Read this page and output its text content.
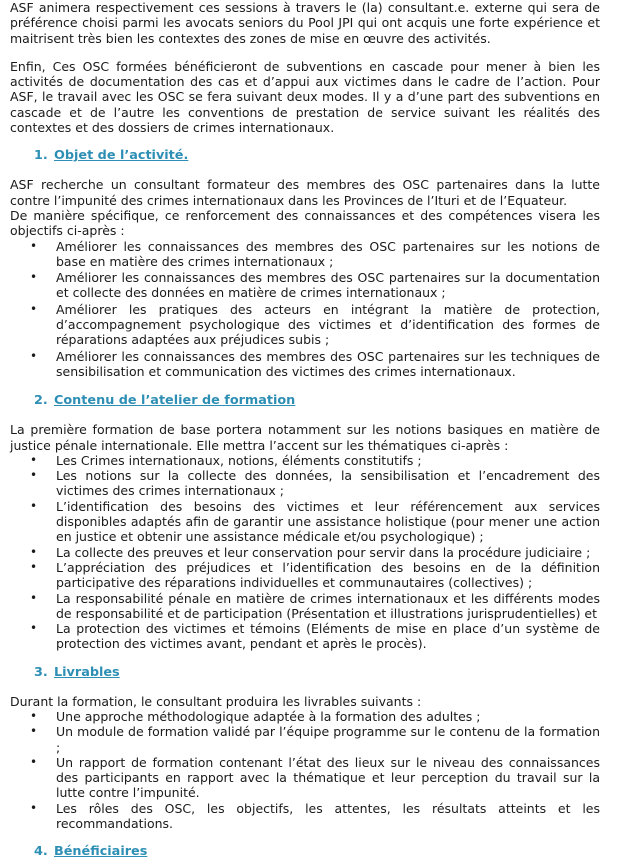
ASF animera respectivement ces sessions à travers le (la) consultant.e. externe qui sera de préférence choisi parmi les avocats seniors du Pool JPI qui ont acquis une forte expérience et maitrisent très bien les contextes des zones de mise en œuvre des activités.

Enfin, Ces OSC formées bénéficieront de subventions en cascade pour mener à bien les activités de documentation des cas et d’appui aux victimes dans le cadre de l’action. Pour ASF, le travail avec les OSC se fera suivant deux modes. Il y a d’une part des subventions en cascade et de l’autre les conventions de prestation de service suivant les réalités des contextes et des dossiers de crimes internationaux.

1. Objet de l’activité.

ASF recherche un consultant formateur des membres des OSC partenaires dans la lutte contre l’impunité des crimes internationaux dans les Provinces de l’Ituri et de l’Equateur.

De manière spécifique, ce renforcement des connaissances et des compétences visera les objectifs ci-après :

• Améliorer les connaissances des membres des OSC partenaires sur les notions de base en matière des crimes internationaux ;
• Améliorer les connaissances des membres des OSC partenaires sur la documentation et collecte des données en matière de crimes internationaux ;
• Améliorer les pratiques des acteurs en intégrant la matière de protection, d’accompagnement psychologique des victimes et d’identification des formes de réparations adaptées aux préjudices subis ;
• Améliorer les connaissances des membres des OSC partenaires sur les techniques de sensibilisation et communication des victimes des crimes internationaux.
2. Contenu de l’atelier de formation

La première formation de base portera notamment sur les notions basiques en matière de justice pénale internationale. Elle mettra l’accent sur les thématiques ci-après :

• Les Crimes internationaux, notions, éléments constitutifs ;
• Les notions sur la collecte des données, la sensibilisation et l’encadrement des victimes des crimes internationaux ;
• L’identification des besoins des victimes et leur référencement aux services disponibles adaptés afin de garantir une assistance holistique (pour mener une action en justice et obtenir une assistance médicale et/ou psychologique) ;
• La collecte des preuves et leur conservation pour servir dans la procédure judiciaire ;
• L’appréciation des préjudices et l’identification des besoins en de la définition participative des réparations individuelles et communautaires (collectives) ;
• La responsabilité pénale en matière de crimes internationaux et les différents modes de responsabilité et de participation (Présentation et illustrations jurisprudentielles) et
• La protection des victimes et témoins (Eléments de mise en place d’un système de protection des victimes avant, pendant et après le procès).
3. Livrables

Durant la formation, le consultant produira les livrables suivants :

• Une approche méthodologique adaptée à la formation des adultes ;
• Un module de formation validé par l’équipe programme sur le contenu de la formation ;
• Un rapport de formation contenant l’état des lieux sur le niveau des connaissances des participants en rapport avec la thématique et leur perception du travail sur la lutte contre l’impunité.
• Les rôles des OSC, les objectifs, les attentes, les résultats atteints et les recommandations.
4. Bénéficiaires
